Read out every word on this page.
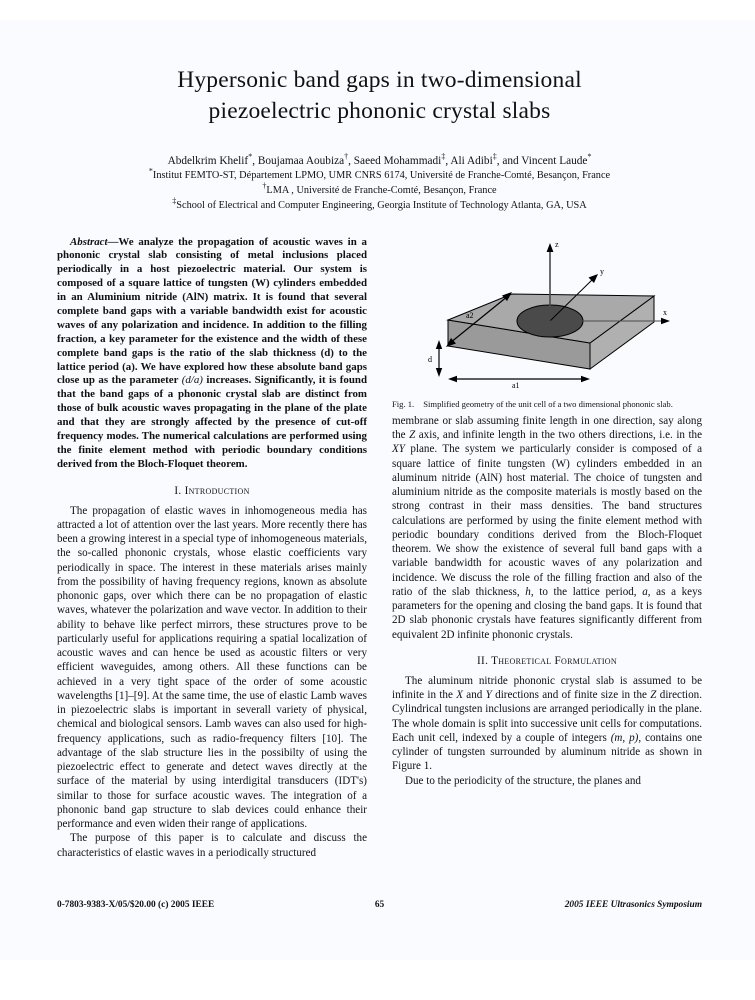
Hypersonic band gaps in two-dimensional
piezoelectric phononic crystal slabs
Abdelkrim Khelif*, Boujamaa Aoubiza†, Saeed Mohammadi‡, Ali Adibi‡, and Vincent Laude*
*Institut FEMTO-ST, Département LPMO, UMR CNRS 6174, Université de Franche-Comté, Besançon, France
†LMA , Université de Franche-Comté, Besançon, France
‡School of Electrical and Computer Engineering, Georgia Institute of Technology Atlanta, GA, USA
Abstract—We analyze the propagation of acoustic waves in a phononic crystal slab consisting of metal inclusions placed periodically in a host piezoelectric material. Our system is composed of a square lattice of tungsten (W) cylinders embedded in an Aluminium nitride (AlN) matrix. It is found that several complete band gaps with a variable bandwidth exist for acoustic waves of any polarization and incidence. In addition to the filling fraction, a key parameter for the existence and the width of these complete band gaps is the ratio of the slab thickness (d) to the lattice period (a). We have explored how these absolute band gaps close up as the parameter (d/a) increases. Significantly, it is found that the band gaps of a phononic crystal slab are distinct from those of bulk acoustic waves propagating in the plane of the plate and that they are strongly affected by the presence of cut-off frequency modes. The numerical calculations are performed using the finite element method with periodic boundary conditions derived from the Bloch-Floquet theorem.
I. Introduction

The propagation of elastic waves in inhomogeneous media has attracted a lot of attention over the last years. More recently there has been a growing interest in a special type of inhomogeneous materials, the so-called phononic crystals, whose elastic coefficients vary periodically in space. The interest in these materials arises mainly from the possibility of having frequency regions, known as absolute phononic gaps, over which there can be no propagation of elastic waves, whatever the polarization and wave vector. In addition to their ability to behave like perfect mirrors, these structures prove to be particularly useful for applications requiring a spatial localization of acoustic waves and can hence be used as acoustic filters or very efficient waveguides, among others. All these functions can be achieved in a very tight space of the order of some acoustic wavelengths [1]–[9]. At the same time, the use of elastic Lamb waves in piezoelectric slabs is important in severall variety of physical, chemical and biological sensors. Lamb waves can also used for high-frequency applications, such as radio-frequency filters [10]. The advantage of the slab structure lies in the possibilty of using the piezoelectric effect to generate and detect waves directly at the surface of the material by using interdigital transducers (IDT's) similar to those for surface acoustic waves. The integration of a phononic band gap structure to slab devices could enhance their performance and even widen their range of applications.

The purpose of this paper is to calculate and discuss the characteristics of elastic waves in a periodically structured

z
y
x
a2
d
a1
Fig. 1. Simplified geometry of the unit cell of a two dimensional phononic slab.

membrane or slab assuming finite length in one direction, say along the Z axis, and infinite length in the two others directions, i.e. in the XY plane. The system we particularly consider is composed of a square lattice of finite tungsten (W) cylinders embedded in an aluminum nitride (AlN) host material. The choice of tungsten and aluminium nitride as the composite materials is mostly based on the strong contrast in their mass densities. The band structures calculations are performed by using the finite element method with periodic boundary conditions derived from the Bloch-Floquet theorem. We show the existence of several full band gaps with a variable bandwidth for acoustic waves of any polarization and incidence. We discuss the role of the filling fraction and also of the ratio of the slab thickness, h, to the lattice period, a, as a keys parameters for the opening and closing the band gaps. It is found that 2D slab phononic crystals have features significantly different from equivalent 2D infinite phononic crystals.

II. Theoretical Formulation

The aluminum nitride phononic crystal slab is assumed to be infinite in the X and Y directions and of finite size in the Z direction. Cylindrical tungsten inclusions are arranged periodically in the plane. The whole domain is split into successive unit cells for computations. Each unit cell, indexed by a couple of integers (m, p), contains one cylinder of tungsten surrounded by aluminum nitride as shown in Figure 1.

Due to the periodicity of the structure, the planes and

0-7803-9383-X/05/$20.00 (c) 2005 IEEE	65	2005 IEEE Ultrasonics Symposium
